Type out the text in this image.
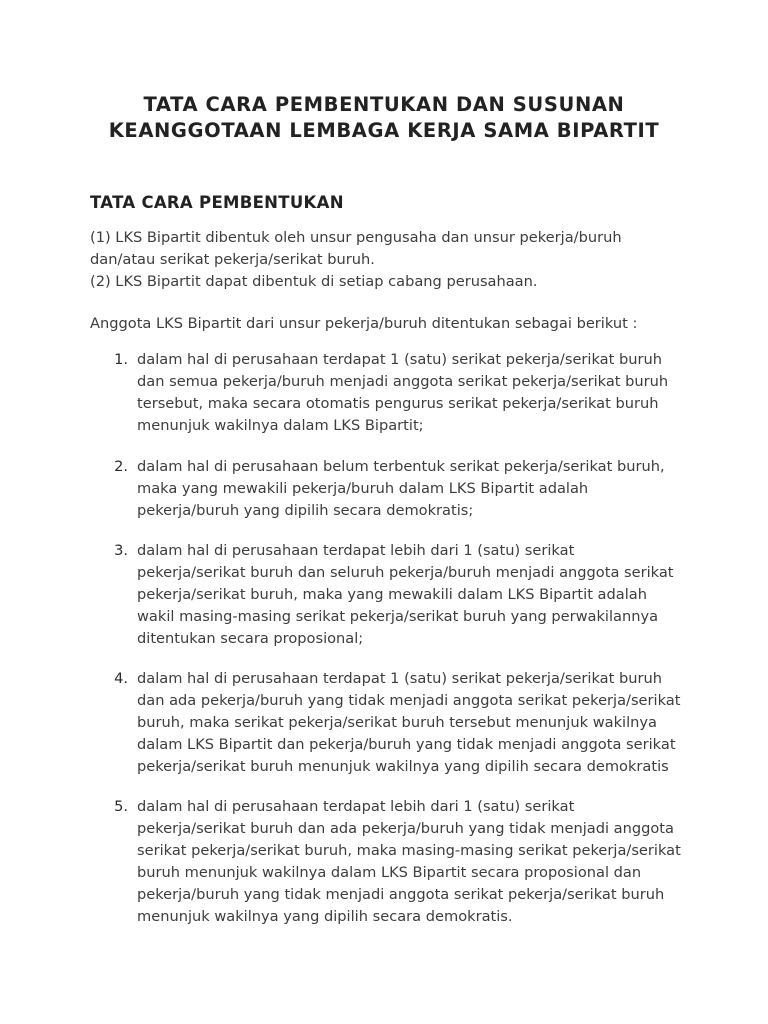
TATA CARA PEMBENTUKAN DAN SUSUNAN
KEANGGOTAAN LEMBAGA KERJA SAMA BIPARTIT
TATA CARA PEMBENTUKAN

(1) LKS Bipartit dibentuk oleh unsur pengusaha dan unsur pekerja/buruh
dan/atau serikat pekerja/serikat buruh.
(2) LKS Bipartit dapat dibentuk di setiap cabang perusahaan.

Anggota LKS Bipartit dari unsur pekerja/buruh ditentukan sebagai berikut :

1. dalam hal di perusahaan terdapat 1 (satu) serikat pekerja/serikat buruh
dan semua pekerja/buruh menjadi anggota serikat pekerja/serikat buruh
tersebut, maka secara otomatis pengurus serikat pekerja/serikat buruh
menunjuk wakilnya dalam LKS Bipartit;
2. dalam hal di perusahaan belum terbentuk serikat pekerja/serikat buruh,
maka yang mewakili pekerja/buruh dalam LKS Bipartit adalah
pekerja/buruh yang dipilih secara demokratis;
3. dalam hal di perusahaan terdapat lebih dari 1 (satu) serikat
pekerja/serikat buruh dan seluruh pekerja/buruh menjadi anggota serikat
pekerja/serikat buruh, maka yang mewakili dalam LKS Bipartit adalah
wakil masing-masing serikat pekerja/serikat buruh yang perwakilannya
ditentukan secara proposional;
4. dalam hal di perusahaan terdapat 1 (satu) serikat pekerja/serikat buruh
dan ada pekerja/buruh yang tidak menjadi anggota serikat pekerja/serikat
buruh, maka serikat pekerja/serikat buruh tersebut menunjuk wakilnya
dalam LKS Bipartit dan pekerja/buruh yang tidak menjadi anggota serikat
pekerja/serikat buruh menunjuk wakilnya yang dipilih secara demokratis
5. dalam hal di perusahaan terdapat lebih dari 1 (satu) serikat
pekerja/serikat buruh dan ada pekerja/buruh yang tidak menjadi anggota
serikat pekerja/serikat buruh, maka masing-masing serikat pekerja/serikat
buruh menunjuk wakilnya dalam LKS Bipartit secara proposional dan
pekerja/buruh yang tidak menjadi anggota serikat pekerja/serikat buruh
menunjuk wakilnya yang dipilih secara demokratis.
